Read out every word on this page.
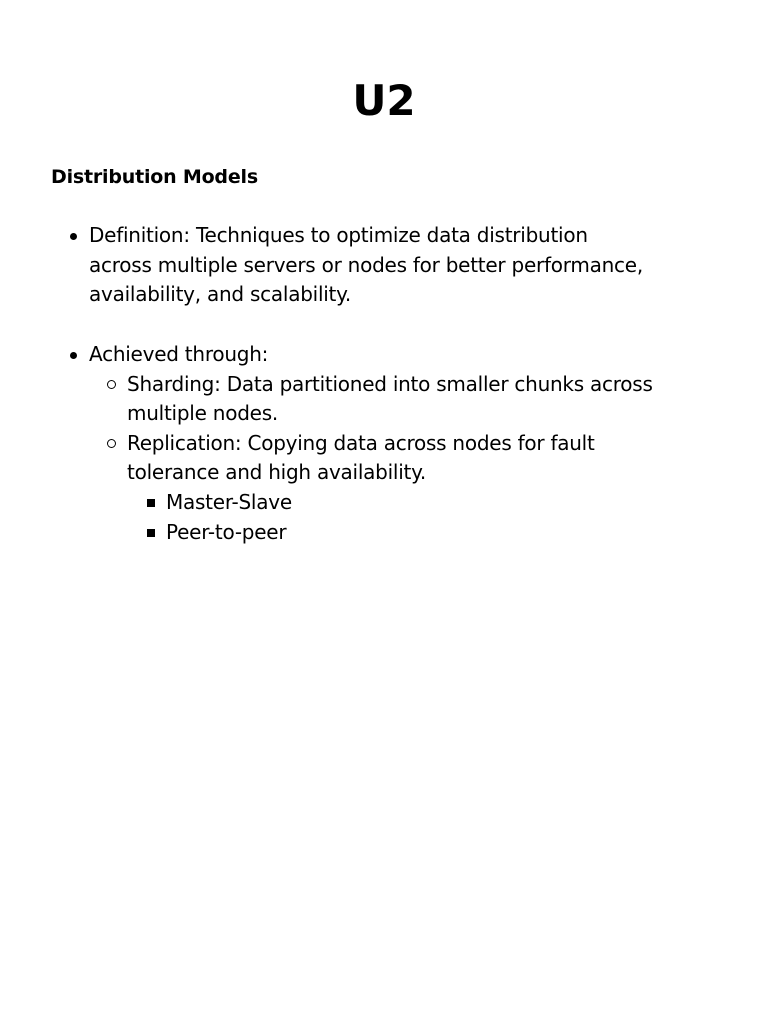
U2
Distribution Models
Definition: Techniques to optimize data distribution
across multiple servers or nodes for better performance,
availability, and scalability.
Achieved through:
Sharding: Data partitioned into smaller chunks across
multiple nodes.
Replication: Copying data across nodes for fault
tolerance and high availability.
Master-Slave
Peer-to-peer
